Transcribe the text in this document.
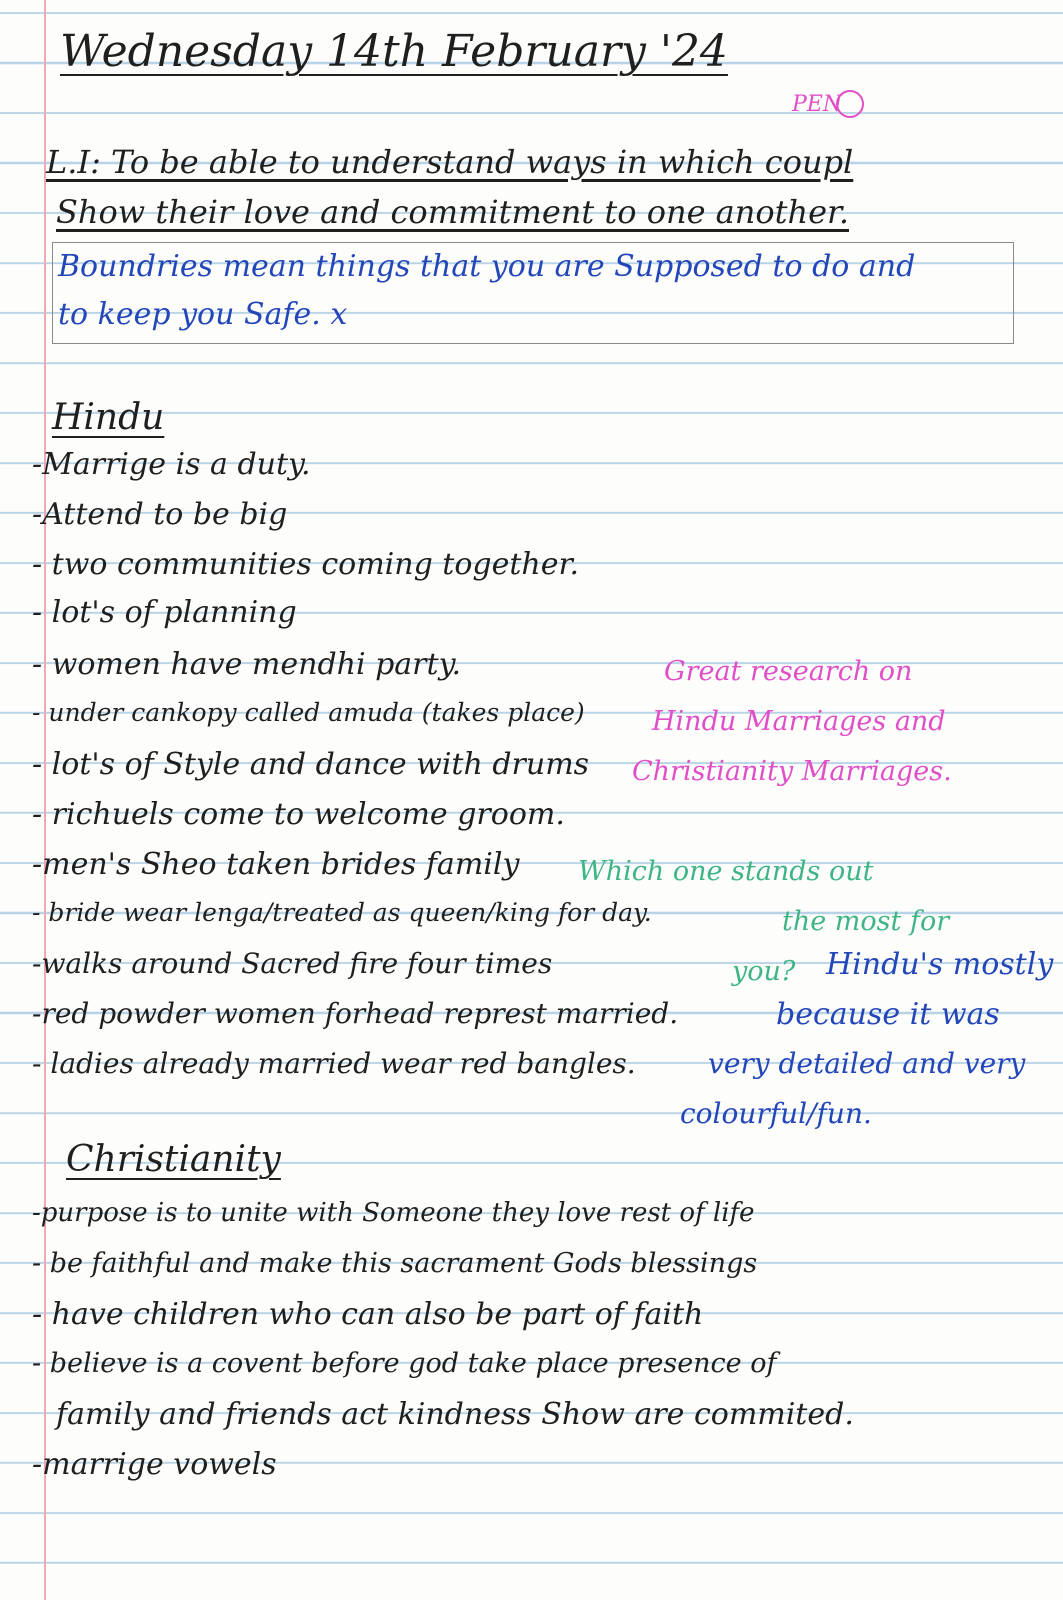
Wednesday 14th February '24
PEN
L.I: To be able to understand ways in which coupl
Show their love and commitment to one another.
Boundries mean things that you are Supposed to do and
to keep you Safe. x
Hindu
-Marrige is a duty.
-Attend to be big
- two communities coming together.
- lot's of planning
- women have mendhi party.
- under cankopy called amuda (takes place)
- lot's of Style and dance with drums
- richuels come to welcome groom.
-men's Sheo taken brides family
- bride wear lenga/treated as queen/king for day.
-walks around Sacred fire four times
-red powder women forhead represt married.
- ladies already married wear red bangles.
Great research on
Hindu Marriages and
Christianity Marriages.
Which one stands out
the most for
you? Hindu's mostly
because it was
very detailed and very
colourful/fun.
Christianity
-purpose is to unite with Someone they love rest of life
- be faithful and make this sacrament Gods blessings
- have children who can also be part of faith
- believe is a covent before god take place presence of
family and friends act kindness Show are commited.
-marrige vowels
